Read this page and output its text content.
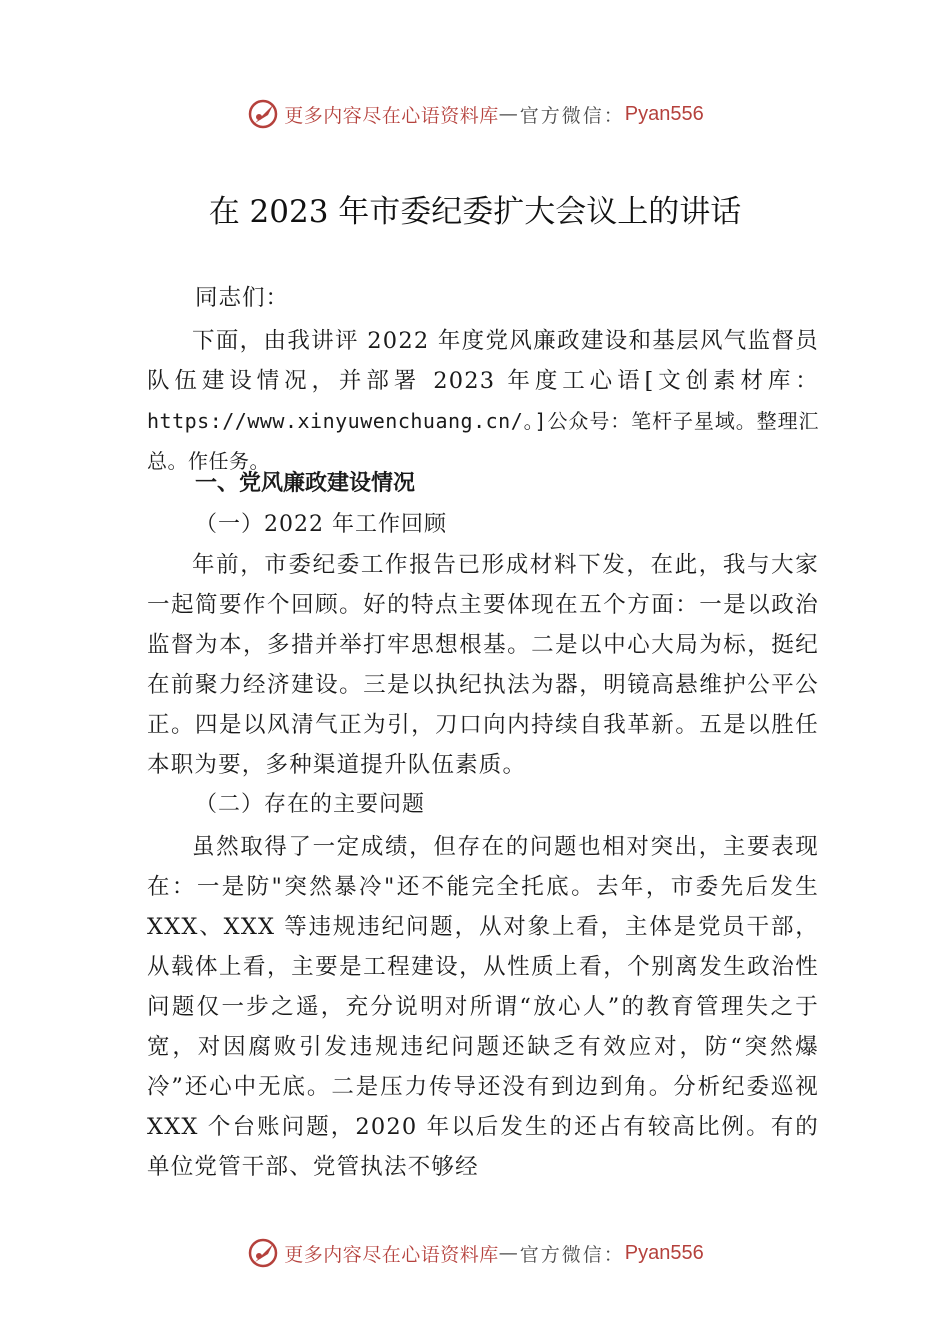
更多内容尽在心语资料库 — 官方微信： Pyan556
在 2023 年市委纪委扩大会议上的讲话
同志们：

下面，由我讲评 2022 年度党风廉政建设和基层风气监督员队伍建设情况，并部署 2023 年度工心语[文创素材库：https://www.xinyuwenchuang.cn/。]公众号：笔杆子星域。整理汇总。作任务。

一、党风廉政建设情况
（一）2022 年工作回顾

年前，市委纪委工作报告已形成材料下发，在此，我与大家一起简要作个回顾。好的特点主要体现在五个方面：一是以政治监督为本，多措并举打牢思想根基。二是以中心大局为标，挺纪在前聚力经济建设。三是以执纪执法为器，明镜高悬维护公平公正。四是以风清气正为引，刀口向内持续自我革新。五是以胜任本职为要，多种渠道提升队伍素质。

（二）存在的主要问题

虽然取得了一定成绩，但存在的问题也相对突出，主要表现在：一是防"突然暴冷"还不能完全托底。去年，市委先后发生 XXX、XXX 等违规违纪问题，从对象上看，主体是党员干部，从载体上看，主要是工程建设，从性质上看，个别离发生政治性问题仅一步之遥，充分说明对所谓“放心人”的教育管理失之于宽，对因腐败引发违规违纪问题还缺乏有效应对，防“突然爆冷”还心中无底。二是压力传导还没有到边到角。分析纪委巡视 XXX 个台账问题，2020 年以后发生的还占有较高比例。有的单位党管干部、党管执法不够经

更多内容尽在心语资料库 — 官方微信： Pyan556
